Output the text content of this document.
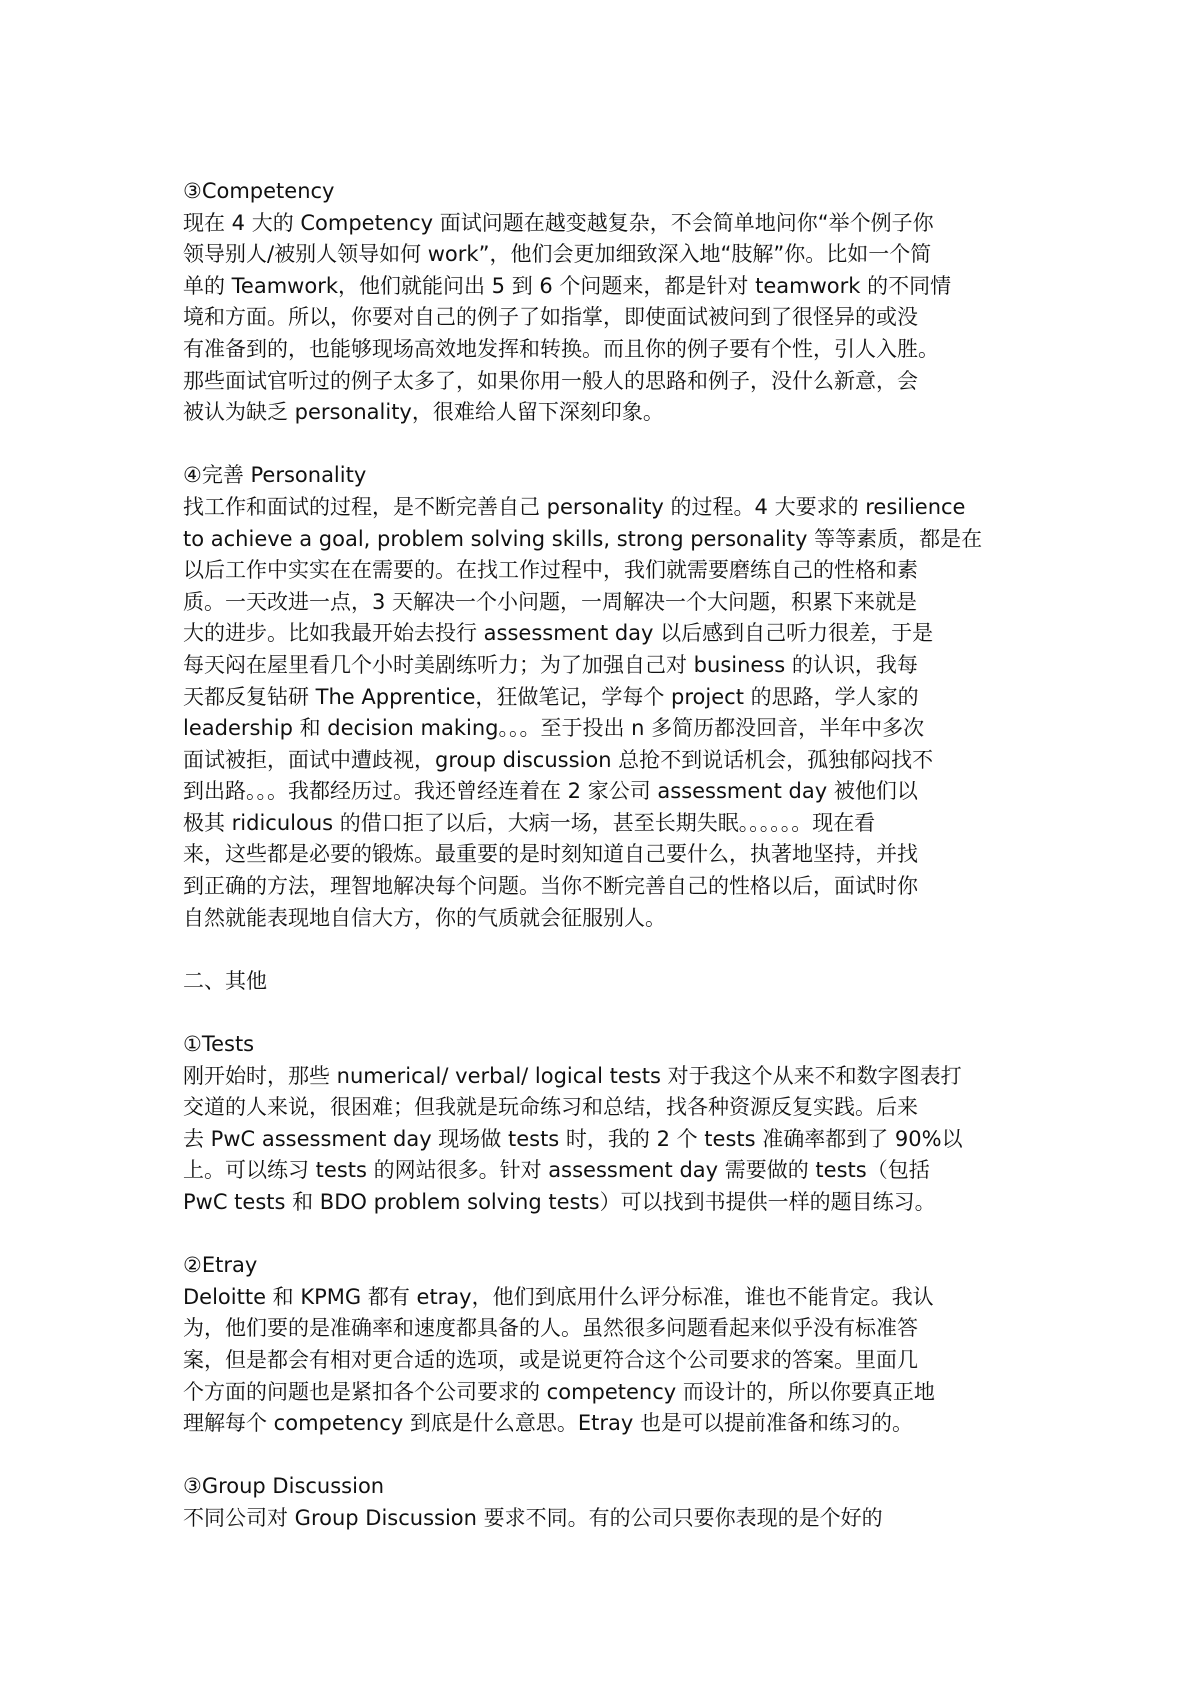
③Competency

现在 4 大的 Competency 面试问题在越变越复杂，不会简单地问你“举个例子你

领导别人/被别人领导如何 work”，他们会更加细致深入地“肢解”你。比如一个简

单的 Teamwork，他们就能问出 5 到 6 个问题来，都是针对 teamwork 的不同情

境和方面。所以，你要对自己的例子了如指掌，即使面试被问到了很怪异的或没

有准备到的，也能够现场高效地发挥和转换。而且你的例子要有个性，引人入胜。

那些面试官听过的例子太多了，如果你用一般人的思路和例子，没什么新意，会

被认为缺乏 personality，很难给人留下深刻印象。

④完善 Personality

找工作和面试的过程，是不断完善自己 personality 的过程。4 大要求的 resilience

to achieve a goal, problem solving skills, strong personality 等等素质，都是在

以后工作中实实在在需要的。在找工作过程中，我们就需要磨练自己的性格和素

质。一天改进一点，3 天解决一个小问题，一周解决一个大问题，积累下来就是

大的进步。比如我最开始去投行 assessment day 以后感到自己听力很差，于是

每天闷在屋里看几个小时美剧练听力；为了加强自己对 business 的认识，我每

天都反复钻研 The Apprentice，狂做笔记，学每个 project 的思路，学人家的

leadership 和 decision making。。。至于投出 n 多简历都没回音，半年中多次

面试被拒，面试中遭歧视，group discussion 总抢不到说话机会，孤独郁闷找不

到出路。。。我都经历过。我还曾经连着在 2 家公司 assessment day 被他们以

极其 ridiculous 的借口拒了以后，大病一场，甚至长期失眠。。。。。。现在看

来，这些都是必要的锻炼。最重要的是时刻知道自己要什么，执著地坚持，并找

到正确的方法，理智地解决每个问题。当你不断完善自己的性格以后，面试时你

自然就能表现地自信大方，你的气质就会征服别人。

二、其他

①Tests

刚开始时，那些 numerical/ verbal/ logical tests 对于我这个从来不和数字图表打

交道的人来说，很困难；但我就是玩命练习和总结，找各种资源反复实践。后来

去 PwC assessment day 现场做 tests 时，我的 2 个 tests 准确率都到了 90%以

上。可以练习 tests 的网站很多。针对 assessment day 需要做的 tests（包括

PwC tests 和 BDO problem solving tests）可以找到书提供一样的题目练习。

②Etray

Deloitte 和 KPMG 都有 etray，他们到底用什么评分标准，谁也不能肯定。我认

为，他们要的是准确率和速度都具备的人。虽然很多问题看起来似乎没有标准答

案，但是都会有相对更合适的选项，或是说更符合这个公司要求的答案。里面几

个方面的问题也是紧扣各个公司要求的 competency 而设计的，所以你要真正地

理解每个 competency 到底是什么意思。Etray 也是可以提前准备和练习的。

③Group Discussion

不同公司对 Group Discussion 要求不同。有的公司只要你表现的是个好的
